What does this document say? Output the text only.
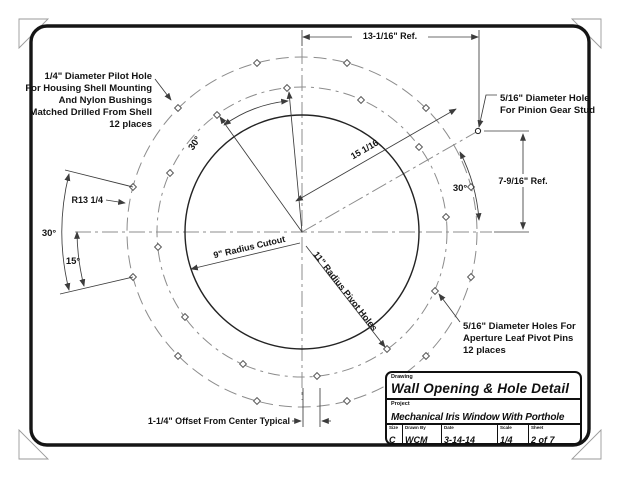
1/4" Diameter Pilot Hole
For Housing Shell Mounting
And Nylon Bushings
Matched Drilled From Shell
12 places
5/16" Diameter Hole
For Pinion Gear Stud
5/16" Diameter Holes For
Aperture Leaf Pivot Pins
12 places
13-1/16" Ref.
7-9/16" Ref.
15 1/16
R13 1/4
9" Radius Cutout
11" Radius Pivot Holes
1-1/4" Offset From Center Typical
30°
30°
30°
15°
Drawing
Wall Opening & Hole Detail
Project
Mechanical Iris Window With Porthole
Size
C
Drawn By
WCM
Date
3-14-14
Scale
1/4
Sheet
2 of 7
